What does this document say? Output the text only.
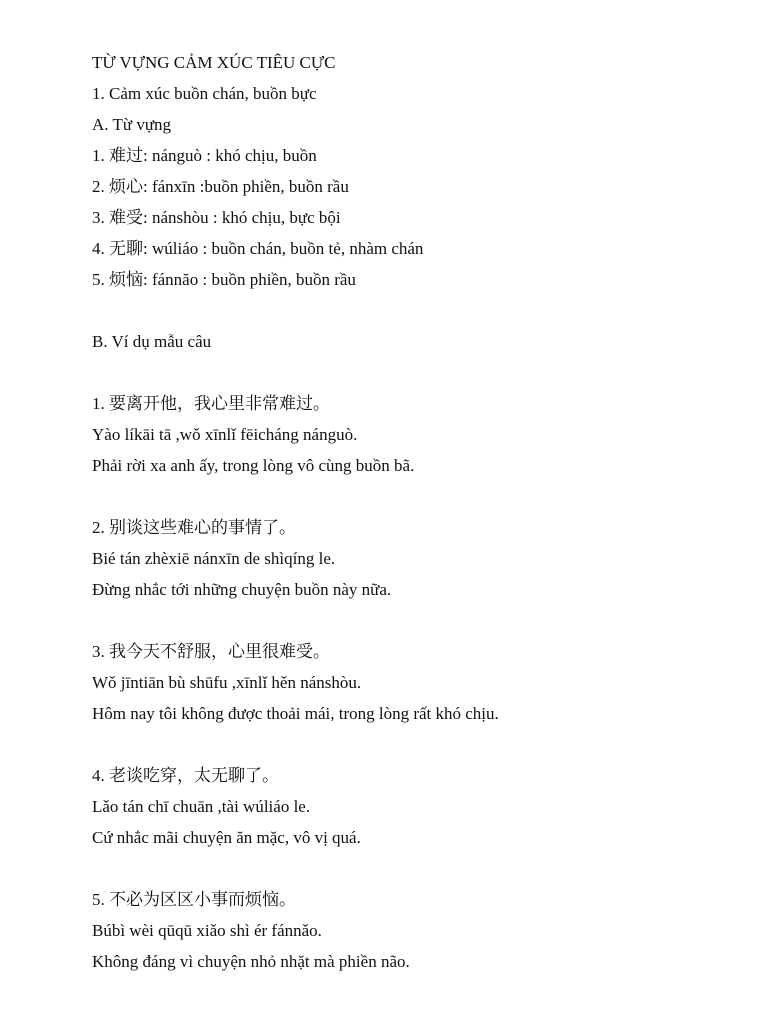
TỪ VỰNG CẢM XÚC TIÊU CỰC
1. Cảm xúc buồn chán, buồn bực
A. Từ vựng
1. 难过: nánguò : khó chịu, buồn
2. 烦心: fánxīn :buồn phiền, buồn rầu
3. 难受: nánshòu : khó chịu, bực bội
4. 无聊: wúliáo : buồn chán, buồn tẻ, nhàm chán
5. 烦恼: fánnăo : buồn phiền, buồn rầu
B. Ví dụ mẫu câu
1. 要离开他，我心里非常难过。
Yào líkāi tā ,wǒ xīnlǐ fēicháng nánguò.
Phải rời xa anh ấy, trong lòng vô cùng buồn bã.
2. 别谈这些难心的事情了。
Bié tán zhèxiē nánxīn de shìqíng le.
Đừng nhắc tới những chuyện buồn này nữa.
3. 我今天不舒服，心里很难受。
Wǒ jīntiān bù shūfu ,xīnlǐ hěn nánshòu.
Hôm nay tôi không được thoải mái, trong lòng rất khó chịu.
4. 老谈吃穿，太无聊了。
Lǎo tán chī chuān ,tài wúliáo le.
Cứ nhắc mãi chuyện ăn mặc, vô vị quá.
5. 不必为区区小事而烦恼。
Búbì wèi qūqū xiǎo shì ér fánnǎo.
Không đáng vì chuyện nhỏ nhặt mà phiền não.
